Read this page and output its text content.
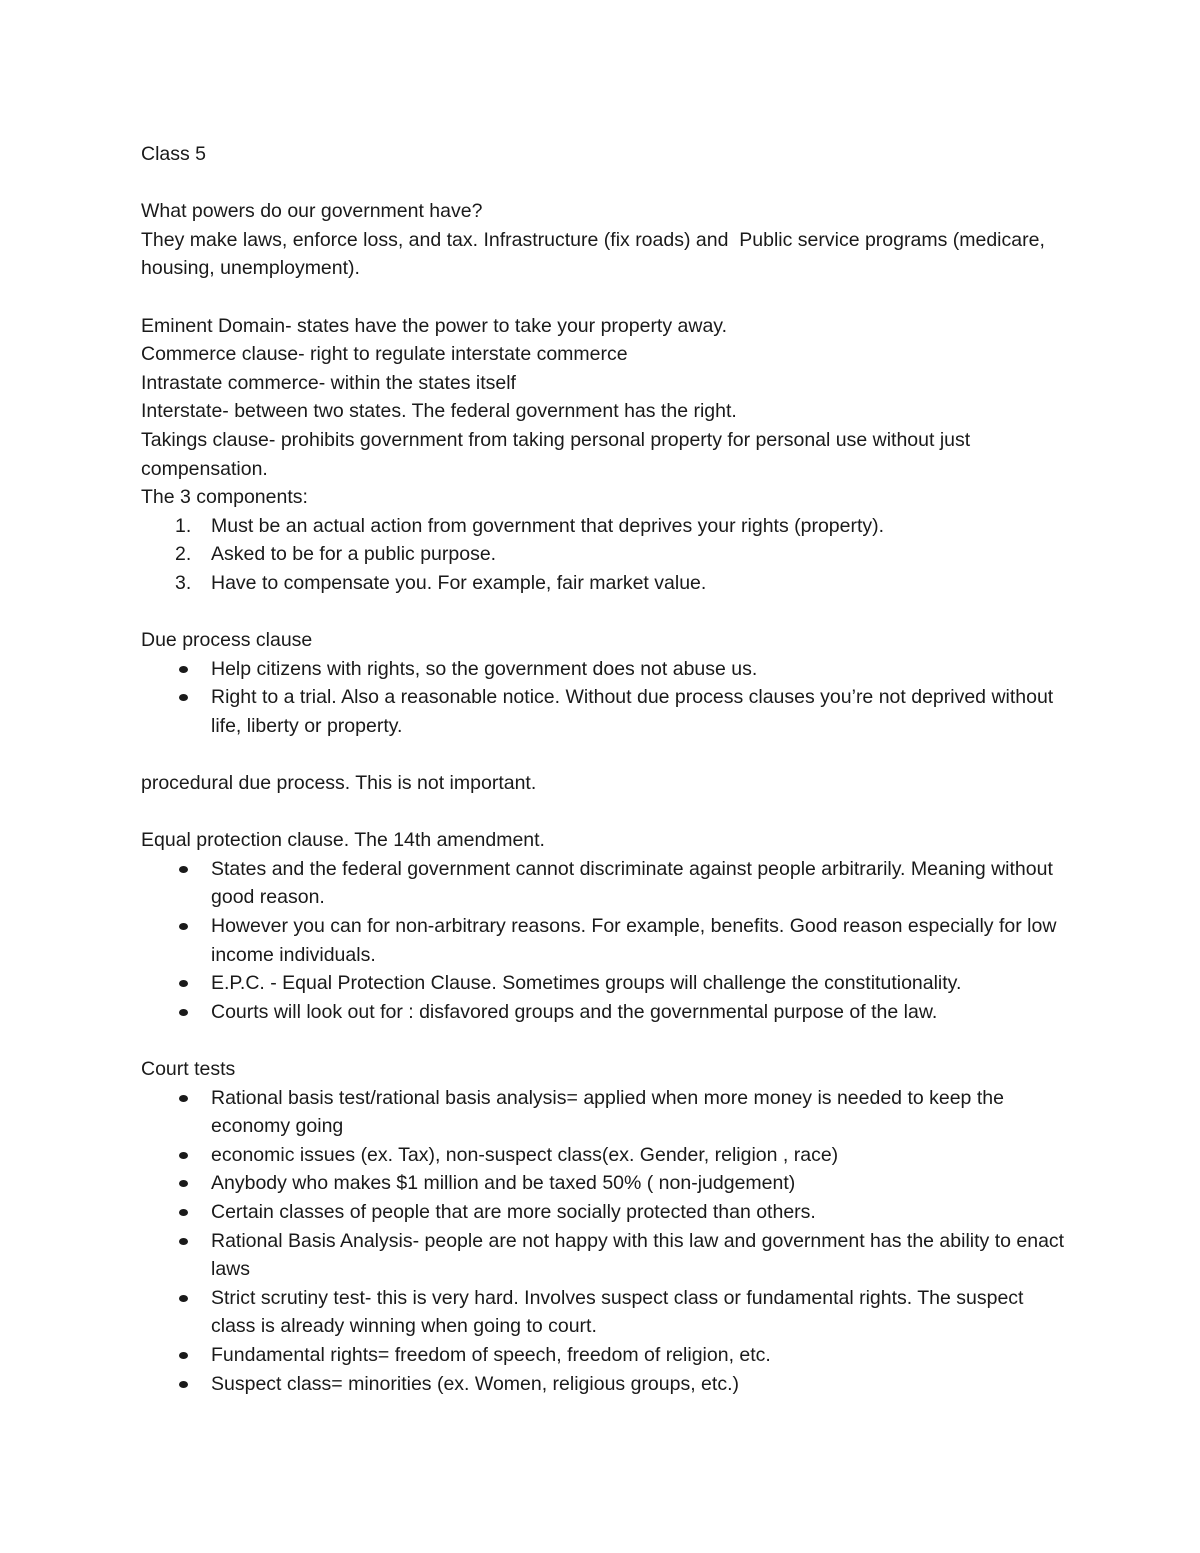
Class 5

What powers do our government have?

They make laws, enforce loss, and tax. Infrastructure (fix roads) and  Public service programs (medicare, housing, unemployment).

Eminent Domain- states have the power to take your property away.

Commerce clause- right to regulate interstate commerce

Intrastate commerce- within the states itself

Interstate- between two states. The federal government has the right.

Takings clause- prohibits government from taking personal property for personal use without just compensation.

The 3 components:

1. Must be an actual action from government that deprives your rights (property).
2. Asked to be for a public purpose.
3. Have to compensate you. For example, fair market value.

Due process clause

Help citizens with rights, so the government does not abuse us.
Right to a trial. Also a reasonable notice. Without due process clauses you’re not deprived without life, liberty or property.

procedural due process. This is not important.

Equal protection clause. The 14th amendment.

States and the federal government cannot discriminate against people arbitrarily. Meaning without good reason.
However you can for non-arbitrary reasons. For example, benefits. Good reason especially for low income individuals.
E.P.C. - Equal Protection Clause. Sometimes groups will challenge the constitutionality.
Courts will look out for : disfavored groups and the governmental purpose of the law.

Court tests

Rational basis test/rational basis analysis= applied when more money is needed to keep the economy going
economic issues (ex. Tax), non-suspect class(ex. Gender, religion , race)
Anybody who makes $1 million and be taxed 50% ( non-judgement)
Certain classes of people that are more socially protected than others.
Rational Basis Analysis- people are not happy with this law and government has the ability to enact laws
Strict scrutiny test- this is very hard. Involves suspect class or fundamental rights. The suspect class is already winning when going to court.
Fundamental rights= freedom of speech, freedom of religion, etc.
Suspect class= minorities (ex. Women, religious groups, etc.)
